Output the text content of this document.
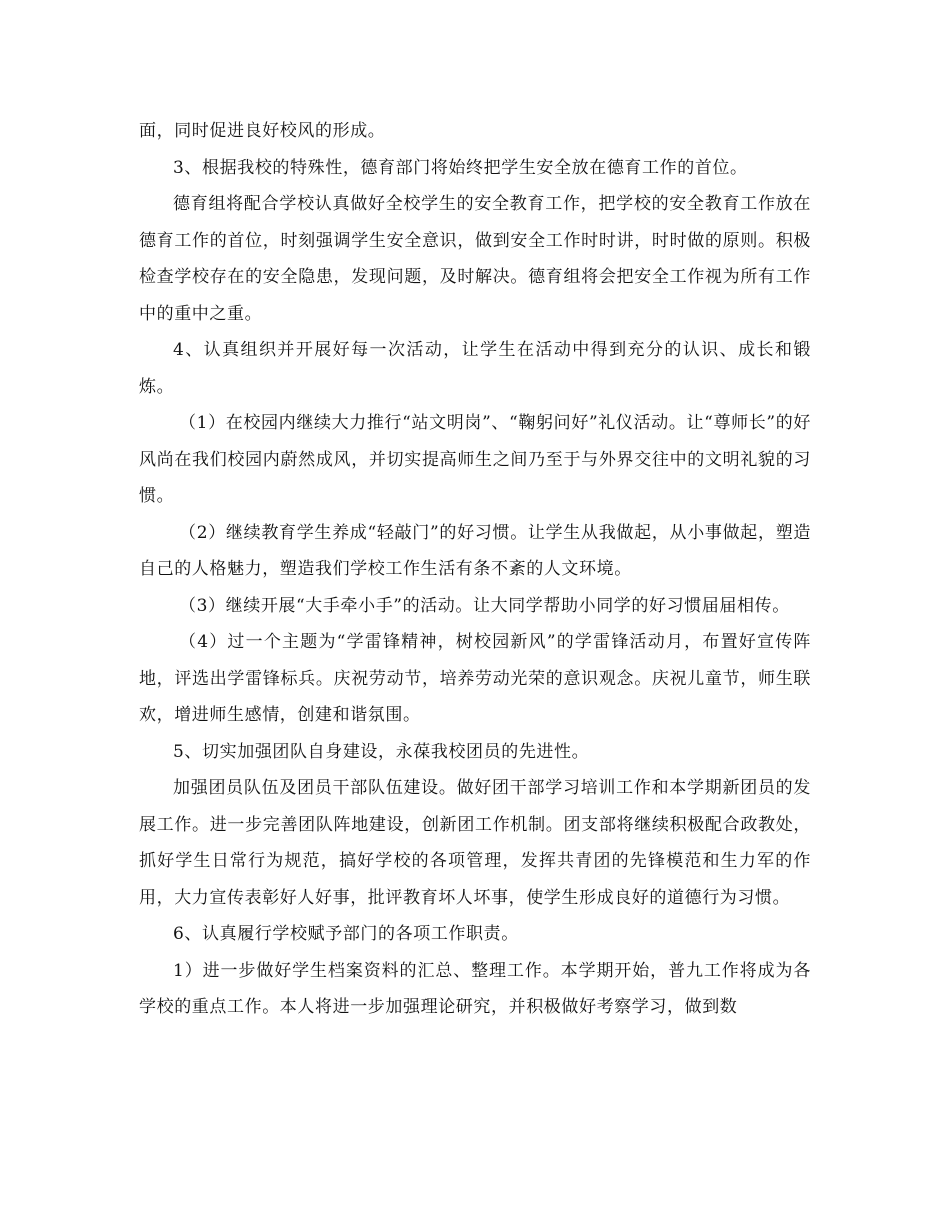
面，同时促进良好校风的形成。

3、根据我校的特殊性，德育部门将始终把学生安全放在德育工作的首位。

德育组将配合学校认真做好全校学生的安全教育工作，把学校的安全教育工作放在德育工作的首位，时刻强调学生安全意识，做到安全工作时时讲，时时做的原则。积极检查学校存在的安全隐患，发现问题，及时解决。德育组将会把安全工作视为所有工作中的重中之重。

4、认真组织并开展好每一次活动，让学生在活动中得到充分的认识、成长和锻炼。

（1）在校园内继续大力推行“站文明岗”、“鞠躬问好”礼仪活动。让“尊师长”的好风尚在我们校园内蔚然成风，并切实提高师生之间乃至于与外界交往中的文明礼貌的习惯。

（2）继续教育学生养成“轻敲门”的好习惯。让学生从我做起，从小事做起，塑造自己的人格魅力，塑造我们学校工作生活有条不紊的人文环境。

（3）继续开展“大手牵小手”的活动。让大同学帮助小同学的好习惯届届相传。

（4）过一个主题为“学雷锋精神，树校园新风”的学雷锋活动月，布置好宣传阵地，评选出学雷锋标兵。庆祝劳动节，培养劳动光荣的意识观念。庆祝儿童节，师生联欢，增进师生感情，创建和谐氛围。

5、切实加强团队自身建设，永葆我校团员的先进性。

加强团员队伍及团员干部队伍建设。做好团干部学习培训工作和本学期新团员的发展工作。进一步完善团队阵地建设，创新团工作机制。团支部将继续积极配合政教处，抓好学生日常行为规范，搞好学校的各项管理，发挥共青团的先锋模范和生力军的作用，大力宣传表彰好人好事，批评教育坏人坏事，使学生形成良好的道德行为习惯。

6、认真履行学校赋予部门的各项工作职责。

1）进一步做好学生档案资料的汇总、整理工作。本学期开始，普九工作将成为各学校的重点工作。本人将进一步加强理论研究，并积极做好考察学习，做到数
